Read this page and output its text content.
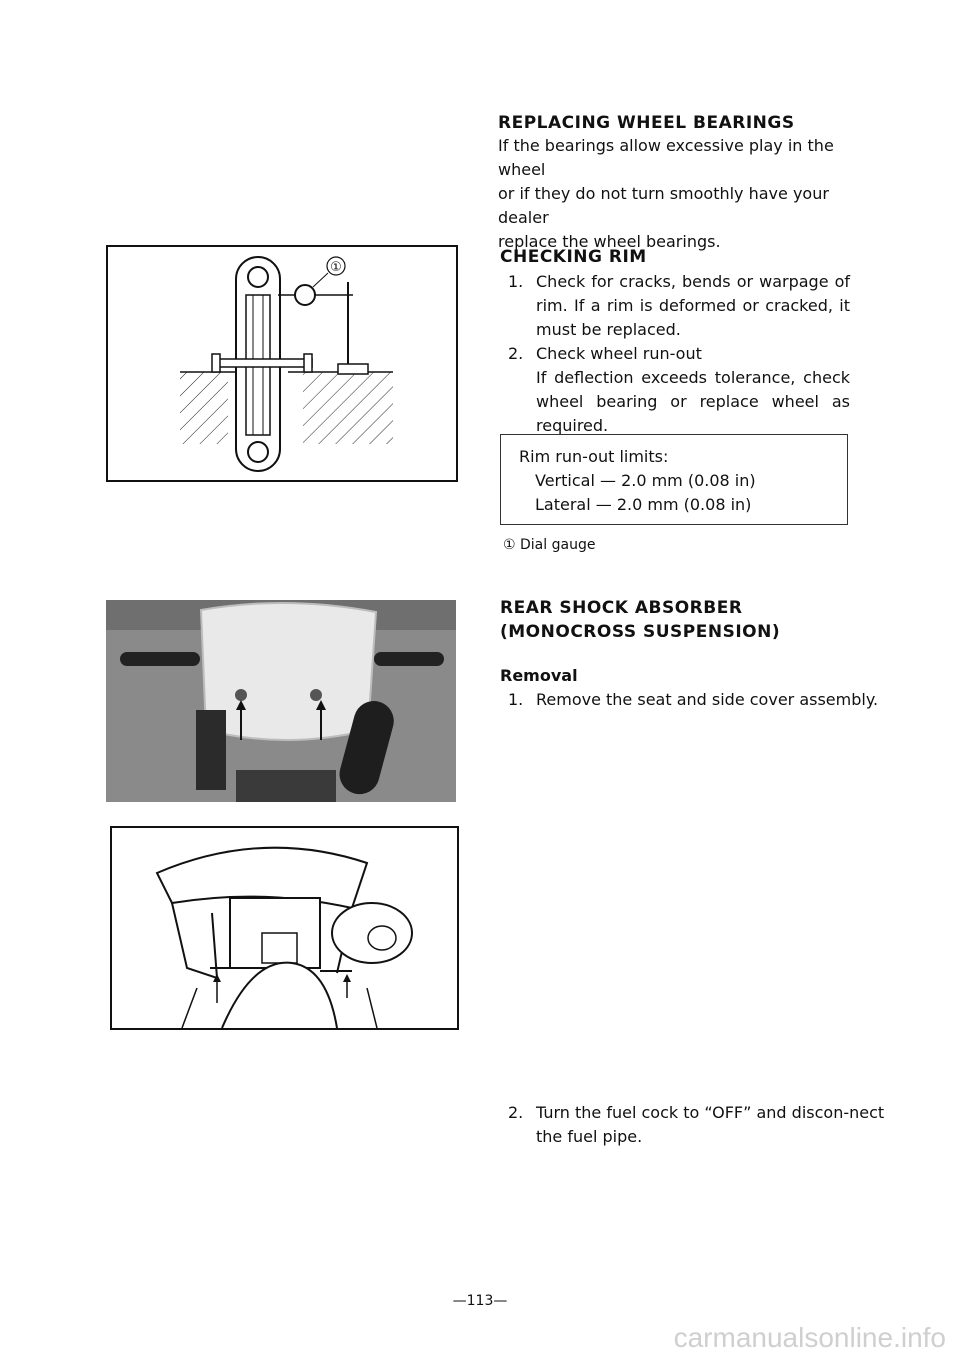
REPLACING WHEEL BEARINGS
If the bearings allow excessive play in the wheel
or if they do not turn smoothly have your dealer
replace the wheel bearings.
CHECKING RIM
1. Check for cracks, bends or warpage of rim. If a rim is deformed or cracked, it must be replaced.
2. Check wheel run-out
If deflection exceeds tolerance, check wheel bearing or replace wheel as required.
Rim run-out limits:
Vertical — 2.0 mm (0.08 in)
Lateral — 2.0 mm (0.08 in)
① Dial gauge
REAR SHOCK ABSORBER
(MONOCROSS SUSPENSION)
Removal
1. Remove the seat and side cover assembly.
2. Turn the fuel cock to “OFF” and discon-nect the fuel pipe.
①
—113—
carmanualsonline.info
